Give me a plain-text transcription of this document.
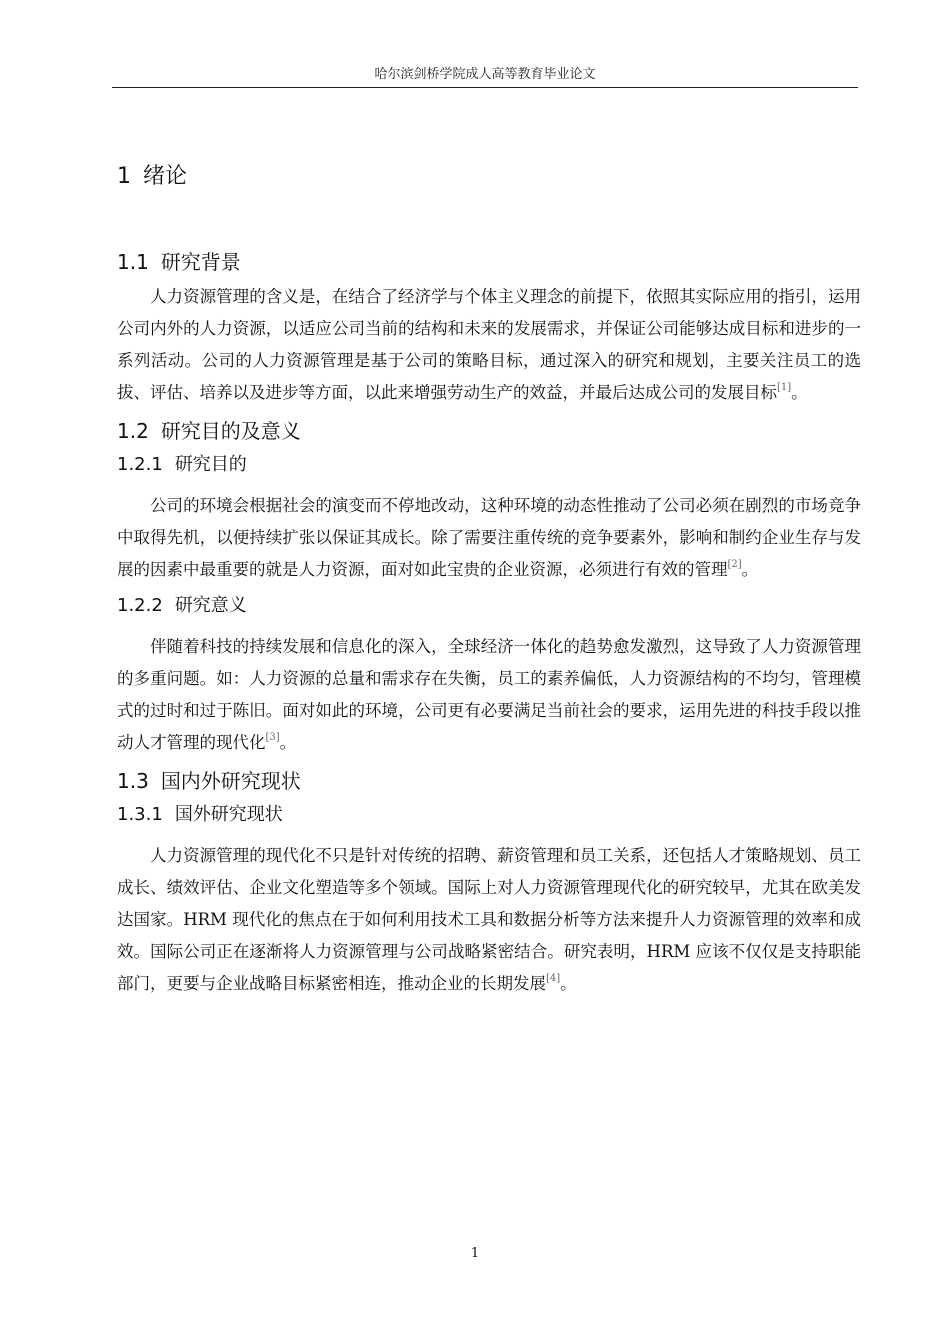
哈尔滨剑桥学院成人高等教育毕业论文
1 绪论
1.1 研究背景

人力资源管理的含义是，在结合了经济学与个体主义理念的前提下，依照其实际应用的指引，运用公司内外的人力资源，以适应公司当前的结构和未来的发展需求，并保证公司能够达成目标和进步的一系列活动。公司的人力资源管理是基于公司的策略目标，通过深入的研究和规划，主要关注员工的选拔、评估、培养以及进步等方面，以此来增强劳动生产的效益，并最后达成公司的发展目标[1]。

1.2 研究目的及意义
1.2.1 研究目的

公司的环境会根据社会的演变而不停地改动，这种环境的动态性推动了公司必须在剧烈的市场竞争中取得先机，以便持续扩张以保证其成长。除了需要注重传统的竞争要素外，影响和制约企业生存与发展的因素中最重要的就是人力资源，面对如此宝贵的企业资源，必须进行有效的管理[2]。

1.2.2 研究意义

伴随着科技的持续发展和信息化的深入，全球经济一体化的趋势愈发激烈，这导致了人力资源管理的多重问题。如：人力资源的总量和需求存在失衡，员工的素养偏低，人力资源结构的不均匀，管理模式的过时和过于陈旧。面对如此的环境，公司更有必要满足当前社会的要求，运用先进的科技手段以推动人才管理的现代化[3]。

1.3 国内外研究现状
1.3.1 国外研究现状

人力资源管理的现代化不只是针对传统的招聘、薪资管理和员工关系，还包括人才策略规划、员工成长、绩效评估、企业文化塑造等多个领域。国际上对人力资源管理现代化的研究较早，尤其在欧美发达国家。HRM 现代化的焦点在于如何利用技术工具和数据分析等方法来提升人力资源管理的效率和成效。国际公司正在逐渐将人力资源管理与公司战略紧密结合。研究表明，HRM 应该不仅仅是支持职能部门，更要与企业战略目标紧密相连，推动企业的长期发展[4]。

1
